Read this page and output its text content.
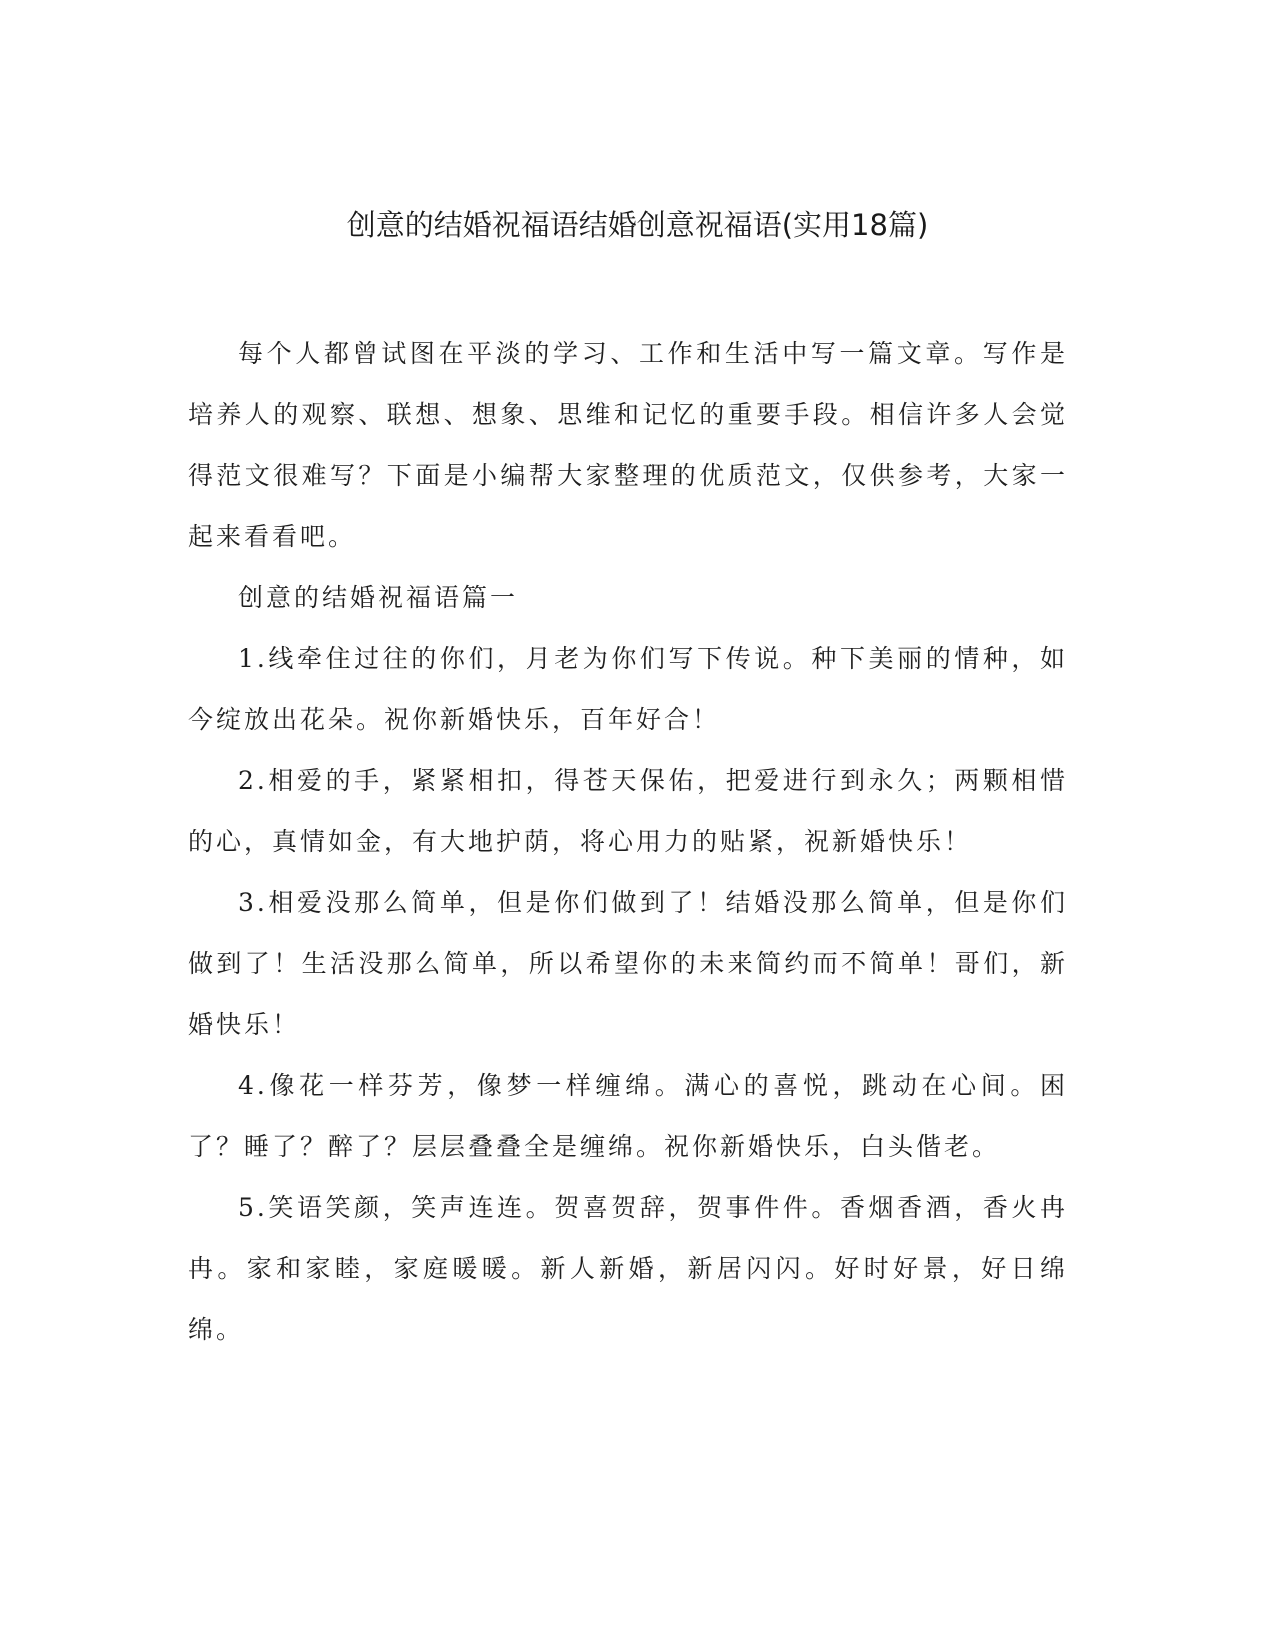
创意的结婚祝福语结婚创意祝福语(实用18篇)

每个人都曾试图在平淡的学习、工作和生活中写一篇文章。写作是培养人的观察、联想、想象、思维和记忆的重要手段。相信许多人会觉得范文很难写？下面是小编帮大家整理的优质范文，仅供参考，大家一起来看看吧。

创意的结婚祝福语篇一

1.线牵住过往的你们，月老为你们写下传说。种下美丽的情种，如今绽放出花朵。祝你新婚快乐，百年好合！

2.相爱的手，紧紧相扣，得苍天保佑，把爱进行到永久；两颗相惜的心，真情如金，有大地护荫，将心用力的贴紧，祝新婚快乐！

3.相爱没那么简单，但是你们做到了！结婚没那么简单，但是你们做到了！生活没那么简单，所以希望你的未来简约而不简单！哥们，新婚快乐！

4.像花一样芬芳，像梦一样缠绵。满心的喜悦，跳动在心间。困了？睡了？醉了？层层叠叠全是缠绵。祝你新婚快乐，白头偕老。

5.笑语笑颜，笑声连连。贺喜贺辞，贺事件件。香烟香酒，香火冉冉。家和家睦，家庭暖暖。新人新婚，新居闪闪。好时好景，好日绵绵。
